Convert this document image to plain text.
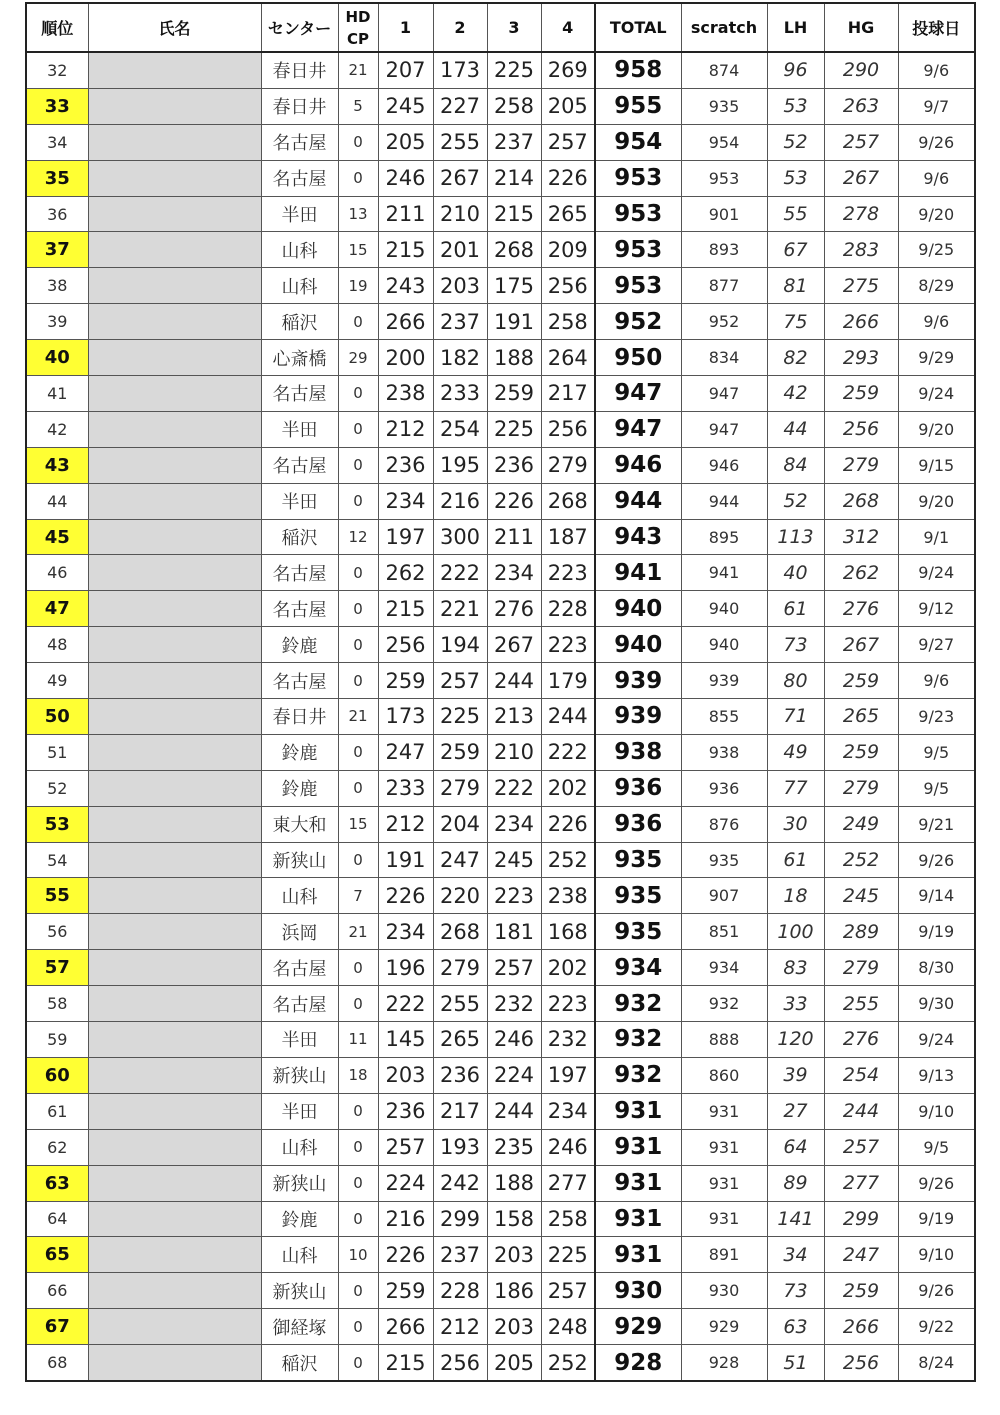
順位	氏名	センター	HD
CP	1	2	3	4	TOTAL	scratch	LH	HG	投球日
32		春日井	21	207	173	225	269	958	874	96	290	9/6
33		春日井	5	245	227	258	205	955	935	53	263	9/7
34		名古屋	0	205	255	237	257	954	954	52	257	9/26
35		名古屋	0	246	267	214	226	953	953	53	267	9/6
36		半田	13	211	210	215	265	953	901	55	278	9/20
37		山科	15	215	201	268	209	953	893	67	283	9/25
38		山科	19	243	203	175	256	953	877	81	275	8/29
39		稲沢	0	266	237	191	258	952	952	75	266	9/6
40		心斎橋	29	200	182	188	264	950	834	82	293	9/29
41		名古屋	0	238	233	259	217	947	947	42	259	9/24
42		半田	0	212	254	225	256	947	947	44	256	9/20
43		名古屋	0	236	195	236	279	946	946	84	279	9/15
44		半田	0	234	216	226	268	944	944	52	268	9/20
45		稲沢	12	197	300	211	187	943	895	113	312	9/1
46		名古屋	0	262	222	234	223	941	941	40	262	9/24
47		名古屋	0	215	221	276	228	940	940	61	276	9/12
48		鈴鹿	0	256	194	267	223	940	940	73	267	9/27
49		名古屋	0	259	257	244	179	939	939	80	259	9/6
50		春日井	21	173	225	213	244	939	855	71	265	9/23
51		鈴鹿	0	247	259	210	222	938	938	49	259	9/5
52		鈴鹿	0	233	279	222	202	936	936	77	279	9/5
53		東大和	15	212	204	234	226	936	876	30	249	9/21
54		新狭山	0	191	247	245	252	935	935	61	252	9/26
55		山科	7	226	220	223	238	935	907	18	245	9/14
56		浜岡	21	234	268	181	168	935	851	100	289	9/19
57		名古屋	0	196	279	257	202	934	934	83	279	8/30
58		名古屋	0	222	255	232	223	932	932	33	255	9/30
59		半田	11	145	265	246	232	932	888	120	276	9/24
60		新狭山	18	203	236	224	197	932	860	39	254	9/13
61		半田	0	236	217	244	234	931	931	27	244	9/10
62		山科	0	257	193	235	246	931	931	64	257	9/5
63		新狭山	0	224	242	188	277	931	931	89	277	9/26
64		鈴鹿	0	216	299	158	258	931	931	141	299	9/19
65		山科	10	226	237	203	225	931	891	34	247	9/10
66		新狭山	0	259	228	186	257	930	930	73	259	9/26
67		御経塚	0	266	212	203	248	929	929	63	266	9/22
68		稲沢	0	215	256	205	252	928	928	51	256	8/24
